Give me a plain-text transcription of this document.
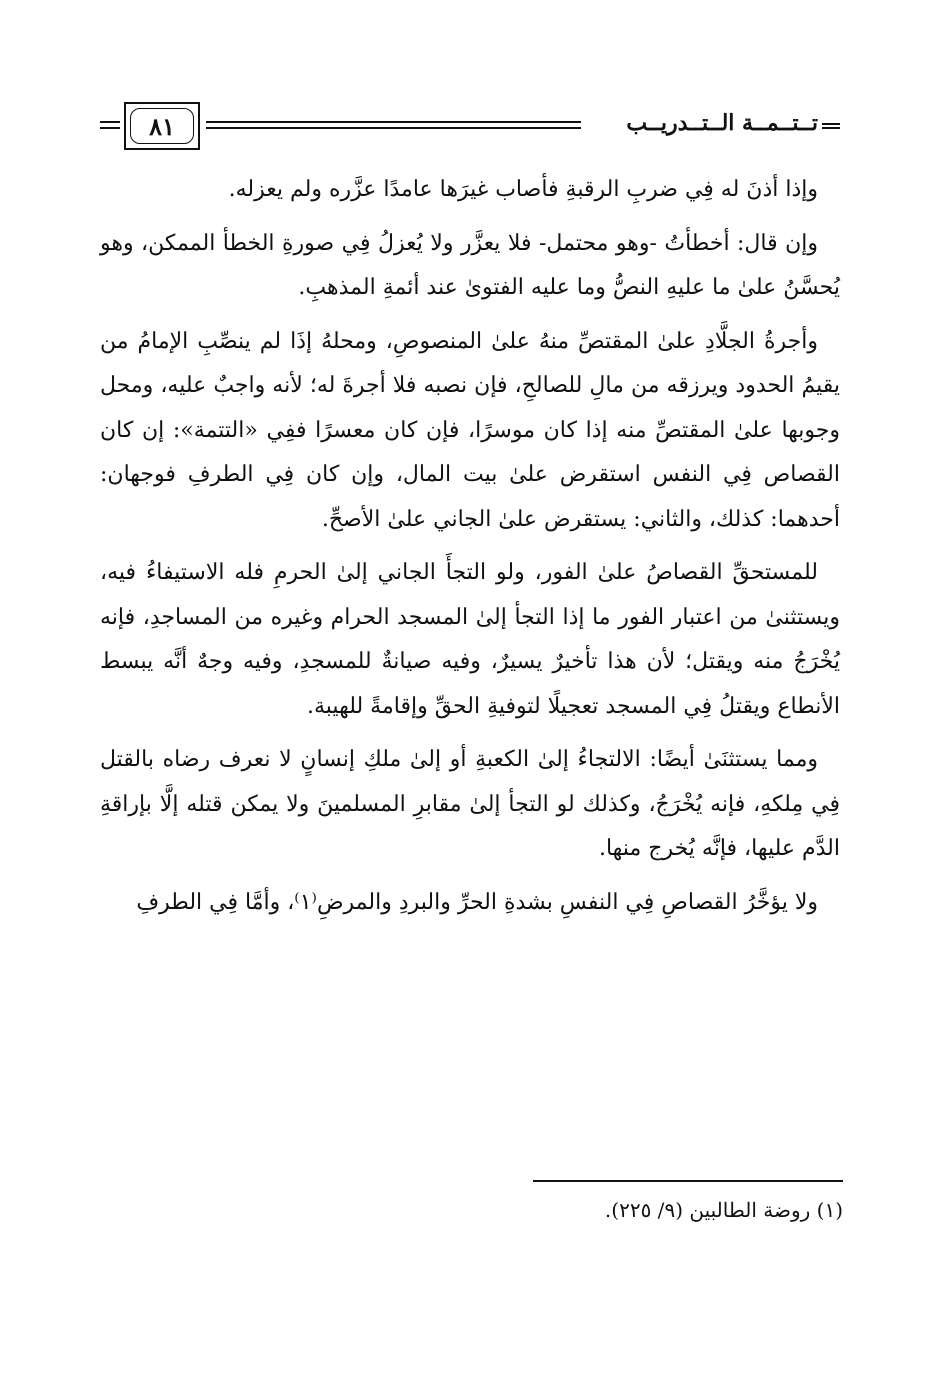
٨١	تــتــمــة الــتــدريــب

وإذا أذنَ له فِي ضربِ الرقبةِ فأصاب غيرَها عامدًا عزَّره ولم يعزله.

وإن قال: أخطأتُ -وهو محتمل- فلا يعزَّر ولا يُعزلُ فِي صورةِ الخطأ الممكن، وهو يُحسَّنُ علىٰ ما عليهِ النصُّ وما عليه الفتوىٰ عند أئمةِ المذهبِ.

وأجرةُ الجلَّادِ علىٰ المقتصِّ منهُ علىٰ المنصوصِ، ومحلهُ إذَا لم ينصِّبِ الإمامُ من يقيمُ الحدود ويرزقه من مالِ للصالحِ، فإن نصبه فلا أجرةَ له؛ لأنه واجبٌ عليه، ومحل وجوبها علىٰ المقتصِّ منه إذا كان موسرًا، فإن كان معسرًا ففِي «التتمة»: إن كان القصاص فِي النفس استقرض علىٰ بيت المال، وإن كان فِي الطرفِ فوجهان: أحدهما: كذلك، والثاني: يستقرض علىٰ الجاني علىٰ الأصحِّ.

للمستحقِّ القصاصُ علىٰ الفور، ولو التجأَ الجاني إلىٰ الحرمِ فله الاستيفاءُ فيه، ويستثنىٰ من اعتبار الفور ما إذا التجأ إلىٰ المسجد الحرام وغيره من المساجدِ، فإنه يُخْرَجُ منه ويقتل؛ لأن هذا تأخيرٌ يسيرٌ، وفيه صيانةٌ للمسجدِ، وفيه وجهٌ أنَّه يبسط الأنطاع ويقتلُ فِي المسجد تعجيلًا لتوفيةِ الحقِّ وإقامةً للهيبة.

ومما يستثنَىٰ أيضًا: الالتجاءُ إلىٰ الكعبةِ أو إلىٰ ملكِ إنسانٍ لا نعرف رضاه بالقتل فِي مِلكهِ، فإنه يُخْرَجُ، وكذلك لو التجأ إلىٰ مقابرِ المسلمينَ ولا يمكن قتله إلَّا بإراقةِ الدَّم عليها، فإنَّه يُخرج منها.

ولا يؤخَّرُ القصاصِ فِي النفسِ بشدةِ الحرِّ والبردِ والمرضِ⁽١⁾، وأمَّا فِي الطرفِ

(١) روضة الطالبين (٩/ ٢٢٥).
